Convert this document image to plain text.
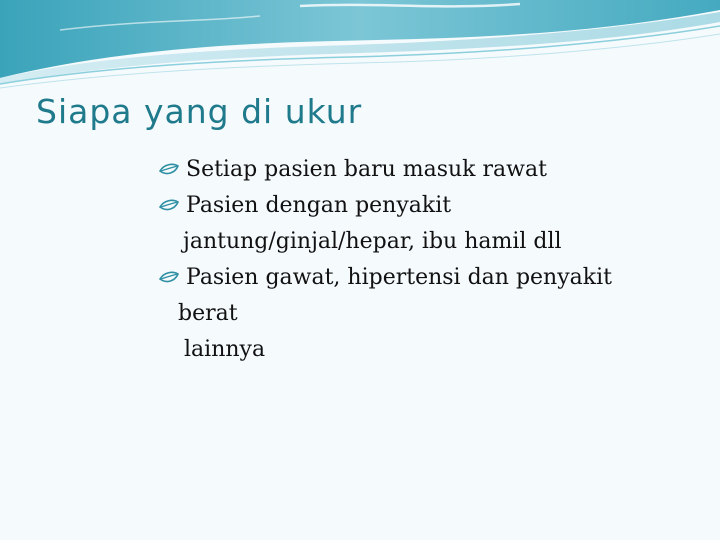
Siapa yang di ukur
Setiap pasien baru masuk rawat
Pasien dengan penyakit
jantung/ginjal/hepar, ibu hamil dll
Pasien gawat, hipertensi dan penyakit
berat
lainnya
